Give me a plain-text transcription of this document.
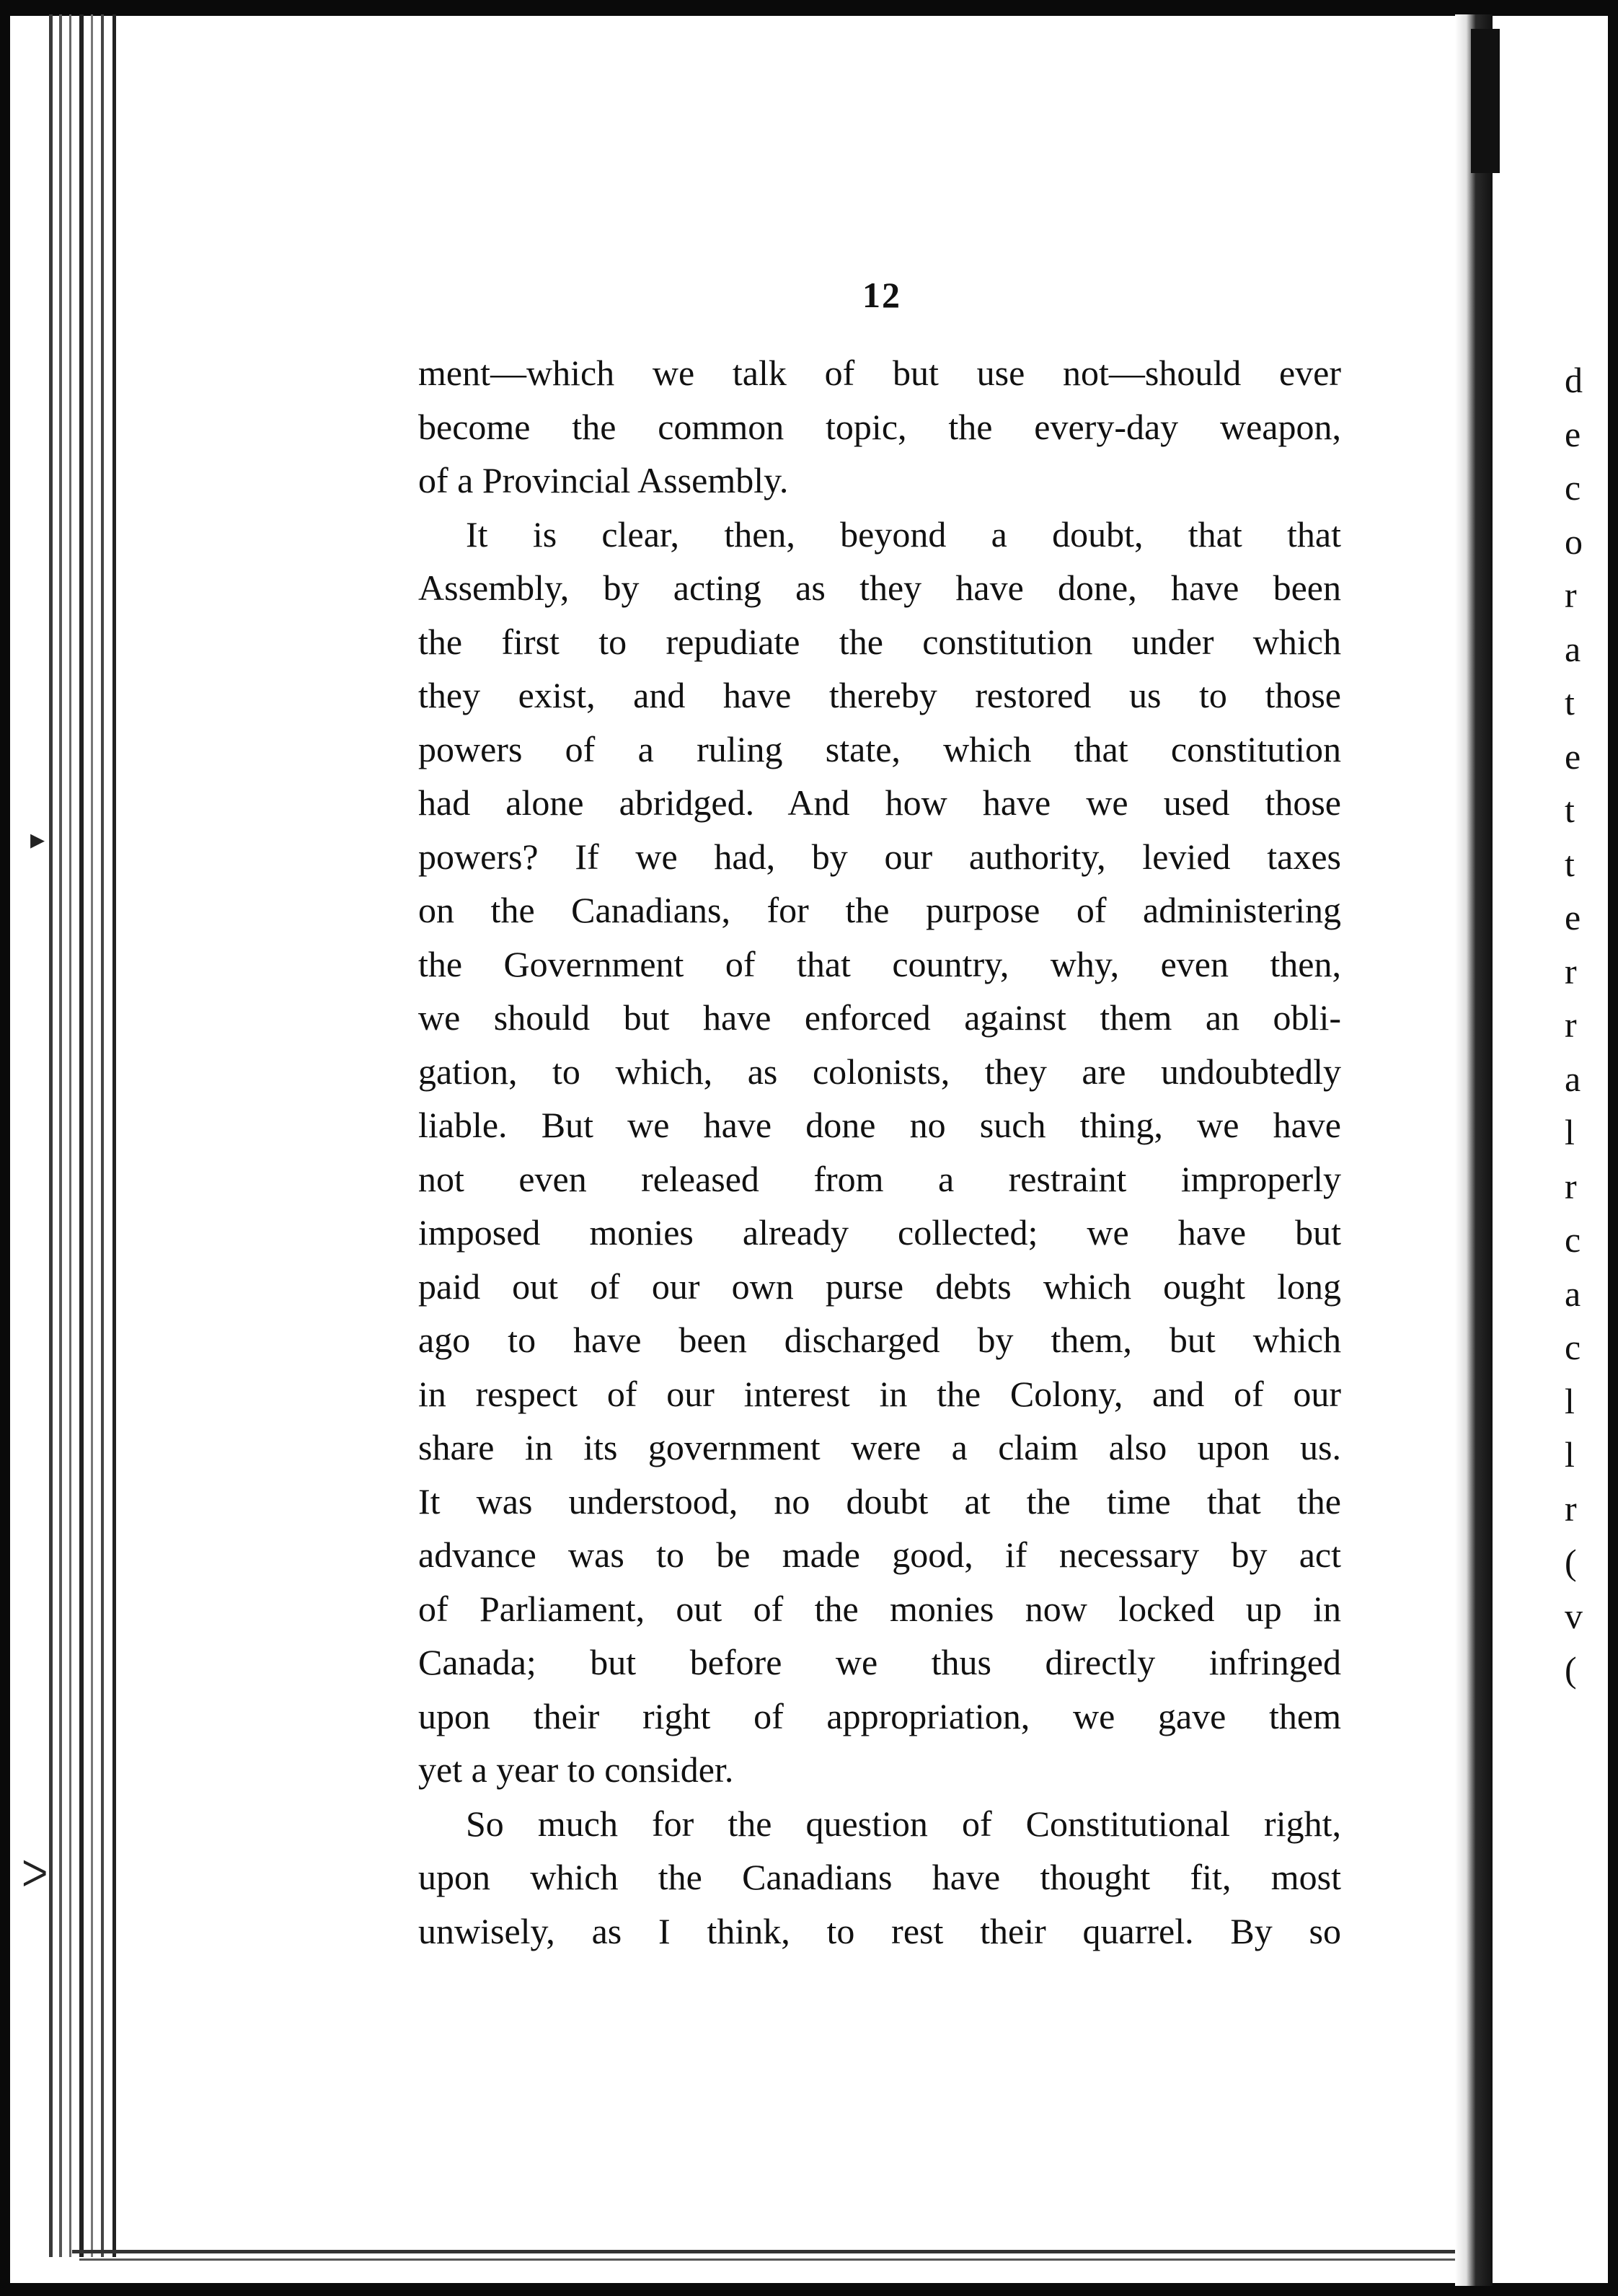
▸
ᐳ
12
ment—which we talk of but use not—should ever
become the common topic, the every-day weapon,
of a Provincial Assembly.
It is clear, then, beyond a doubt, that that
Assembly, by acting as they have done, have been
the first to repudiate the constitution under which
they exist, and have thereby restored us to those
powers of a ruling state, which that constitution
had alone abridged. And how have we used those
powers? If we had, by our authority, levied taxes
on the Canadians, for the purpose of administering
the Government of that country, why, even then,
we should but have enforced against them an obli-
gation, to which, as colonists, they are undoubtedly
liable. But we have done no such thing, we have
not even released from a restraint improperly
imposed monies already collected; we have but
paid out of our own purse debts which ought long
ago to have been discharged by them, but which
in respect of our interest in the Colony, and of our
share in its government were a claim also upon us.
It was understood, no doubt at the time that the
advance was to be made good, if necessary by act
of Parliament, out of the monies now locked up in
Canada; but before we thus directly infringed
upon their right of appropriation, we gave them
yet a year to consider.
So much for the question of Constitutional right,
upon which the Canadians have thought fit, most
unwisely, as I think, to rest their quarrel. By so
d
e
c
o
r
a
t
e
t
t
e
r
r
a
l
r
c
a
c
l
l
r
(
v
(
